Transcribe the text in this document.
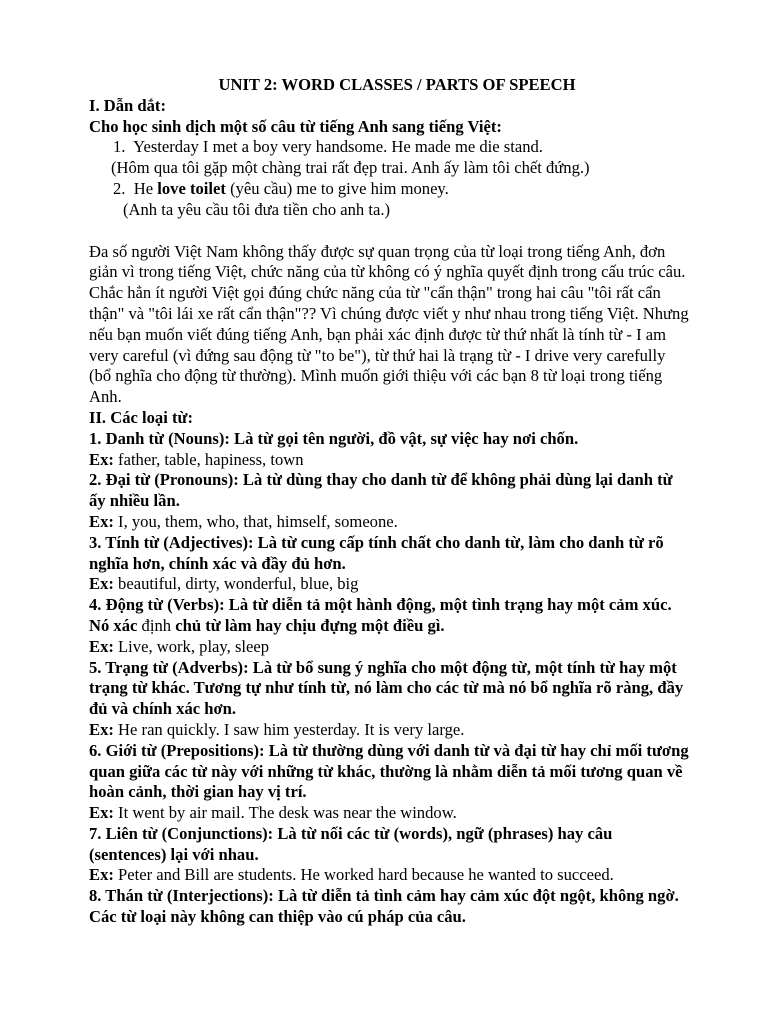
UNIT 2: WORD CLASSES / PARTS OF SPEECH

I. Dẫn dắt:

Cho học sinh dịch một số câu từ tiếng Anh sang tiếng Việt:

1. Yesterday I met a boy very handsome. He made me die stand.

(Hôm qua tôi gặp một chàng trai rất đẹp trai. Anh ấy làm tôi chết đứng.)

2. He love toilet (yêu cầu) me to give him money.

(Anh ta yêu cầu tôi đưa tiền cho anh ta.)

Đa số người Việt Nam không thấy được sự quan trọng của từ loại trong tiếng Anh, đơn giản vì trong tiếng Việt, chức năng của từ không có ý nghĩa quyết định trong cấu trúc câu.

Chắc hẳn ít người Việt gọi đúng chức năng của từ "cẩn thận" trong hai câu "tôi rất cẩn thận" và "tôi lái xe rất cẩn thận"?? Vì chúng được viết y như nhau trong tiếng Việt. Nhưng nếu bạn muốn viết đúng tiếng Anh, bạn phải xác định được từ thứ nhất là tính từ - I am very careful (vì đứng sau động từ "to be"), từ thứ hai là trạng từ - I drive very carefully (bổ nghĩa cho động từ thường). Mình muốn giới thiệu với các bạn 8 từ loại trong tiếng Anh.

II. Các loại từ:

1. Danh từ (Nouns): Là từ gọi tên người, đồ vật, sự việc hay nơi chốn.

Ex: father, table, hapiness, town

2. Đại từ (Pronouns): Là từ dùng thay cho danh từ để không phải dùng lại danh từ ấy nhiều lần.

Ex: I, you, them, who, that, himself, someone.

3. Tính từ (Adjectives): Là từ cung cấp tính chất cho danh từ, làm cho danh từ rõ nghĩa hơn, chính xác và đầy đủ hơn.

Ex: beautiful, dirty, wonderful, blue, big

4. Động từ (Verbs): Là từ diễn tả một hành động, một tình trạng hay một cảm xúc. Nó xác định chủ từ làm hay chịu đựng một điều gì.

Ex: Live, work, play, sleep

5. Trạng từ (Adverbs): Là từ bổ sung ý nghĩa cho một động từ, một tính từ hay một trạng từ khác. Tương tự như tính từ, nó làm cho các từ mà nó bổ nghĩa rõ ràng, đầy đủ và chính xác hơn.

Ex: He ran quickly. I saw him yesterday. It is very large.

6. Giới từ (Prepositions): Là từ thường dùng với danh từ và đại từ hay chỉ mối tương quan giữa các từ này với những từ khác, thường là nhằm diễn tả mối tương quan về hoàn cảnh, thời gian hay vị trí.

Ex: It went by air mail. The desk was near the window.

7. Liên từ (Conjunctions): Là từ nối các từ (words), ngữ (phrases) hay câu (sentences) lại với nhau.

Ex: Peter and Bill are students. He worked hard because he wanted to succeed.

8. Thán từ (Interjections): Là từ diễn tả tình cảm hay cảm xúc đột ngột, không ngờ. Các từ loại này không can thiệp vào cú pháp của câu.
